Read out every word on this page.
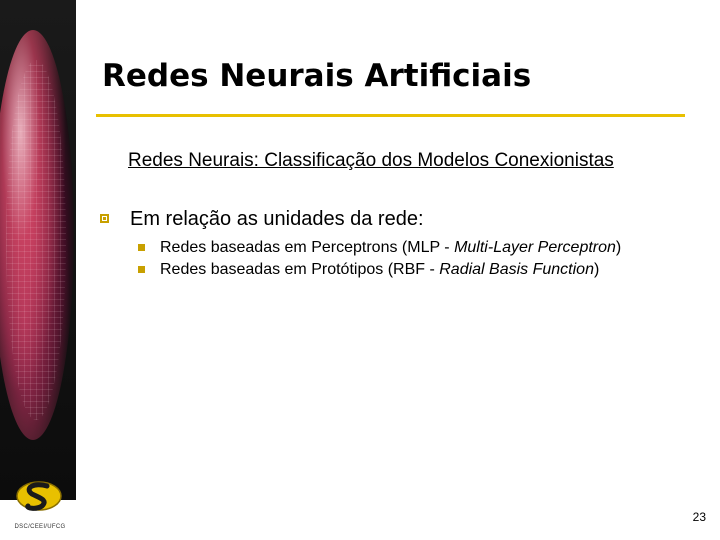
DSC/CEEI/UFCG
Redes Neurais Artificiais
Redes Neurais: Classificação dos Modelos Conexionistas
Em relação as unidades da rede:
Redes baseadas em Perceptrons (MLP - Multi-Layer Perceptron)
Redes baseadas em Protótipos (RBF - Radial Basis Function)
23
